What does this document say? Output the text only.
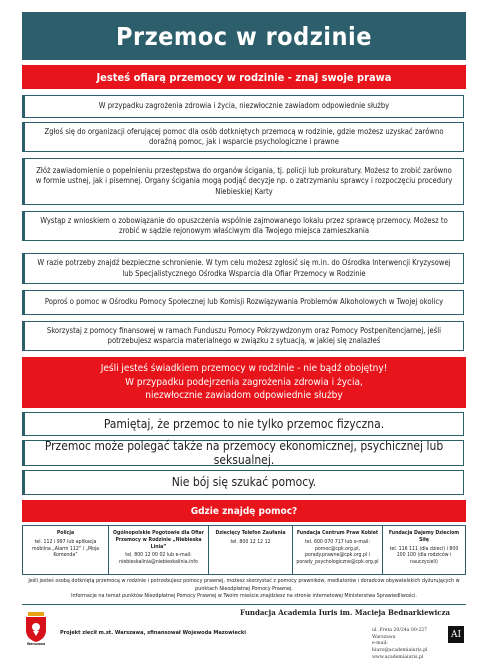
Przemoc w rodzinie
Jesteś ofiarą przemocy w rodzinie - znaj swoje prawa
W przypadku zagrożenia zdrowia i życia, niezwłocznie zawiadom odpowiednie służby
Zgłoś się do organizacji oferującej pomoc dla osób dotkniętych przemocą w rodzinie, gdzie możesz uzyskać zarówno doraźną pomoc, jak i wsparcie psychologiczne i prawne
Złóż zawiadomienie o popełnieniu przestępstwa do organów ścigania, tj. policji lub prokuratury. Możesz to zrobić zarówno w formie ustnej, jak i pisemnej. Organy ścigania mogą podjąć decyzje np. o zatrzymaniu sprawcy i rozpoczęciu procedury Niebieskiej Karty
Wystąp z wnioskiem o zobowiązanie do opuszczenia wspólnie zajmowanego lokalu przez sprawcę przemocy. Możesz to zrobić w sądzie rejonowym właściwym dla Twojego miejsca zamieszkania
W razie potrzeby znajdź bezpieczne schronienie. W tym celu możesz zgłosić się m.in. do Ośrodka Interwencji Kryzysowej lub Specjalistycznego Ośrodka Wsparcia dla Ofiar Przemocy w Rodzinie
Poproś o pomoc w Ośrodku Pomocy Społecznej lub Komisji Rozwiązywania Problemów Alkoholowych w Twojej okolicy
Skorzystaj z pomocy finansowej w ramach Funduszu Pomocy Pokrzywdzonym oraz Pomocy Postpenitencjarnej, jeśli potrzebujesz wsparcia materialnego w związku z sytuacją, w jakiej się znalazłeś
Jeśli jesteś świadkiem przemocy w rodzinie - nie bądź obojętny!
W przypadku podejrzenia zagrożenia zdrowia i życia,
niezwłocznie zawiadom odpowiednie służby
Pamiętaj, że przemoc to nie tylko przemoc fizyczna.
Przemoc może polegać także na przemocy ekonomicznej, psychicznej lub seksualnej.
Nie bój się szukać pomocy.
Gdzie znajdę pomoc?
Policja
tel. 112 i 997 lub aplikacja mobilna „Alarm 112” i „Moja Komenda”
Ogólnopolskie Pogotowie dla Ofiar Przemocy w Rodzinie „Niebieska Linia”
tel. 800 12 00 02 lub e-mail: niebieskalinia@niebieskalinia.info
Dziecięcy Telefon Zaufania
tel. 800 12 12 12
Fundacja Centrum Praw Kobiet
tel. 600 070 717 lub e-mail: pomoc@cpk.org.pl, porady.prawne@cpk.org.pl i porady_psychologiczne@cpk.org.pl
Fundacja Dajemy Dzieciom Siłę
tel. 116 111 (dla dzieci) i 800 100 100 (dla rodziców i nauczycieli)
Jeśli jesteś osobą dotkniętą przemocą w rodzinie i potrzebujesz pomocy prawnej, możesz skorzystać z pomocy prawników, mediatorów i doradców obywatelskich dyżurujących w punktach Nieodpłatnej Pomocy Prawnej.
Informacje na temat punktów Nieodpłatnej Pomocy Prawnej w Twoim mieście znajdziesz na stronie internetowej Ministerstwa Sprawiedliwości.
Fundacja Academia Iuris im. Macieja Bednarkiewicza
Warszawa
Projekt zlecił m.st. Warszawa, sfinansował Wojewoda Mazowiecki	ul. Freta 20/24a 00-227 Warszawa
e-mail: biuro@academiaiuris.pl
www.academiaiuris.pl
AI
